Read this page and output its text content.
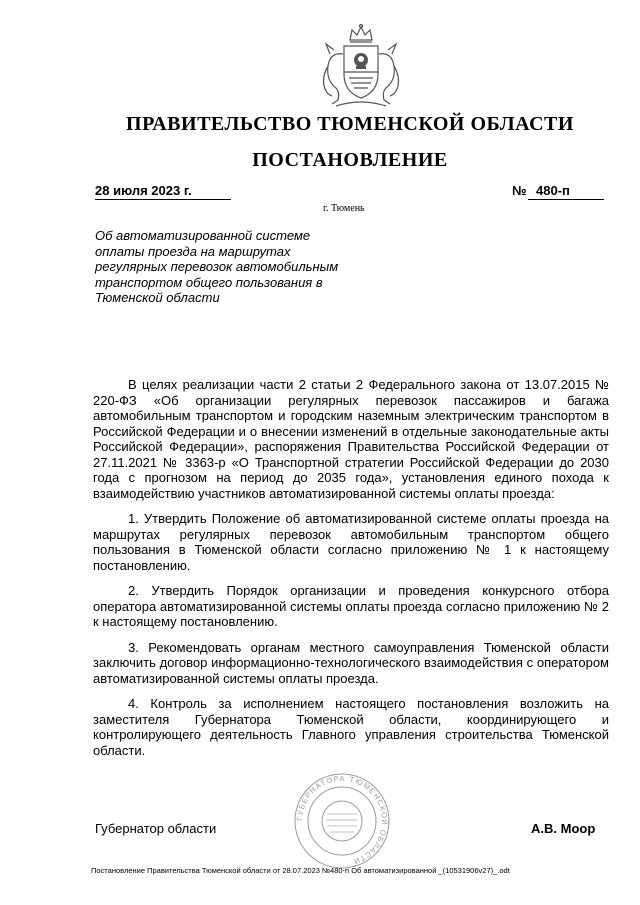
ПРАВИТЕЛЬСТВО ТЮМЕНСКОЙ ОБЛАСТИ
ПОСТАНОВЛЕНИЕ
28 июля 2023 г.	№ 480-п
г. Тюмень
Об автоматизированной системе оплаты проезда на маршрутах регулярных перевозок автомобильным транспортом общего пользования в Тюменской области

В целях реализации части 2 статьи 2 Федерального закона от 13.07.2015 № 220-ФЗ «Об организации регулярных перевозок пассажиров и багажа автомобильным транспортом и городским наземным электрическим транспортом в Российской Федерации и о внесении изменений в отдельные законодательные акты Российской Федерации», распоряжения Правительства Российской Федерации от 27.11.2021 № 3363-р «О Транспортной стратегии Российской Федерации до 2030 года с прогнозом на период до 2035 года», установления единого похода к взаимодействию участников автоматизированной системы оплаты проезда:

1. Утвердить Положение об автоматизированной системе оплаты проезда на маршрутах регулярных перевозок автомобильным транспортом общего пользования в Тюменской области согласно приложению № 1 к настоящему постановлению.

2. Утвердить Порядок организации и проведения конкурсного отбора оператора автоматизированной системы оплаты проезда согласно приложению № 2 к настоящему постановлению.

3. Рекомендовать органам местного самоуправления Тюменской области заключить договор информационно-технологического взаимодействия с оператором автоматизированной системы оплаты проезда.

4. Контроль за исполнением настоящего постановления возложить на заместителя Губернатора Тюменской области, координирующего и контролирующего деятельность Главного управления строительства Тюменской области.

ГУБЕРНАТОРА ТЮМЕНСКОЙ ОБЛАСТИ
Губернатор области	А.В. Моор
Постановление Правительства Тюменской области от 28.07.2023 №480-п Об автоматизированной _(10531906v27)_.odt
